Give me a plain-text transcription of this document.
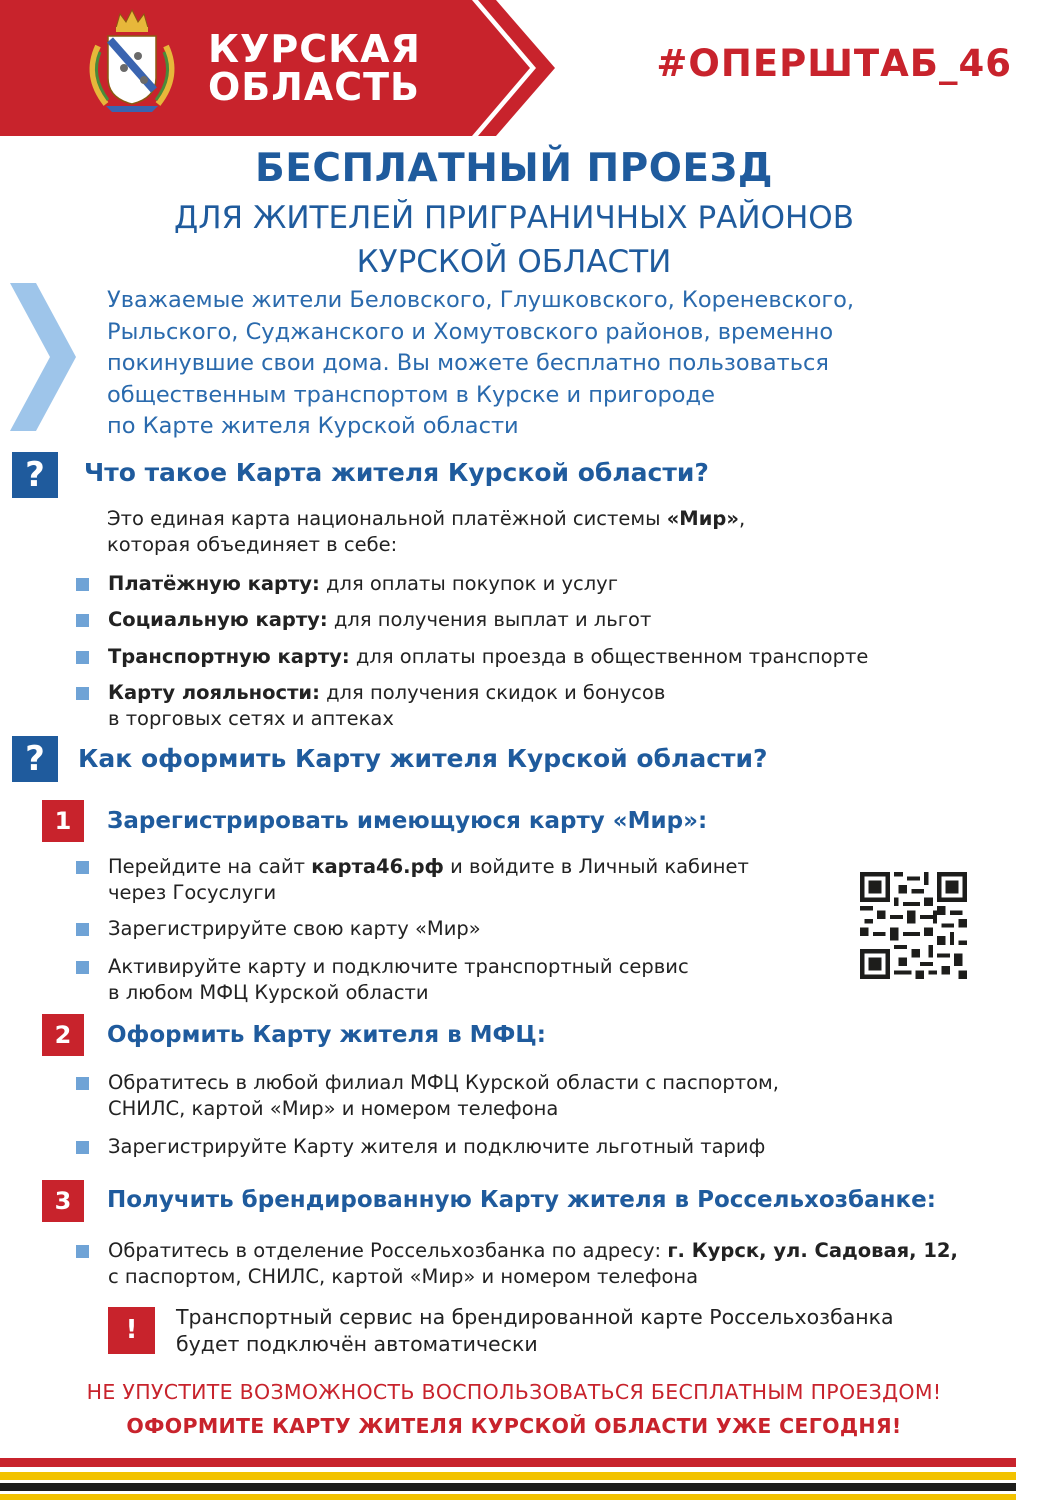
КУРСКАЯ
ОБЛАСТЬ
#ОПЕРШТАБ_46
БЕСПЛАТНЫЙ ПРОЕЗД
ДЛЯ ЖИТЕЛЕЙ ПРИГРАНИЧНЫХ РАЙОНОВ
КУРСКОЙ ОБЛАСТИ
Уважаемые жители Беловского, Глушковского, Кореневского,
Рыльского, Суджанского и Хомутовского районов, временно
покинувшие свои дома. Вы можете бесплатно пользоваться
общественным транспортом в Курске и пригороде
по Карте жителя Курской области
?	Что такое Карта жителя Курской области?
Это единая карта национальной платёжной системы «Мир»,
которая объединяет в себе:
Платёжную карту: для оплаты покупок и услуг
Социальную карту: для получения выплат и льгот
Транспортную карту: для оплаты проезда в общественном транспорте
Карту лояльности: для получения скидок и бонусов
в торговых сетях и аптеках
?	Как оформить Карту жителя Курской области?
1	Зарегистрировать имеющуюся карту «Мир»:
Перейдите на сайт карта46.рф и войдите в Личный кабинет
через Госуслуги
Зарегистрируйте свою карту «Мир»
Активируйте карту и подключите транспортный сервис
в любом МФЦ Курской области
2	Оформить Карту жителя в МФЦ:
Обратитесь в любой филиал МФЦ Курской области с паспортом,
СНИЛС, картой «Мир» и номером телефона
Зарегистрируйте Карту жителя и подключите льготный тариф
3	Получить брендированную Карту жителя в Россельхозбанке:
Обратитесь в отделение Россельхозбанка по адресу: г. Курск, ул. Садовая, 12,
с паспортом, СНИЛС, картой «Мир» и номером телефона
!	Транспортный сервис на брендированной карте Россельхозбанка
будет подключён автоматически
НЕ УПУСТИТЕ ВОЗМОЖНОСТЬ ВОСПОЛЬЗОВАТЬСЯ БЕСПЛАТНЫМ ПРОЕЗДОМ!
ОФОРМИТЕ КАРТУ ЖИТЕЛЯ КУРСКОЙ ОБЛАСТИ УЖЕ СЕГОДНЯ!
